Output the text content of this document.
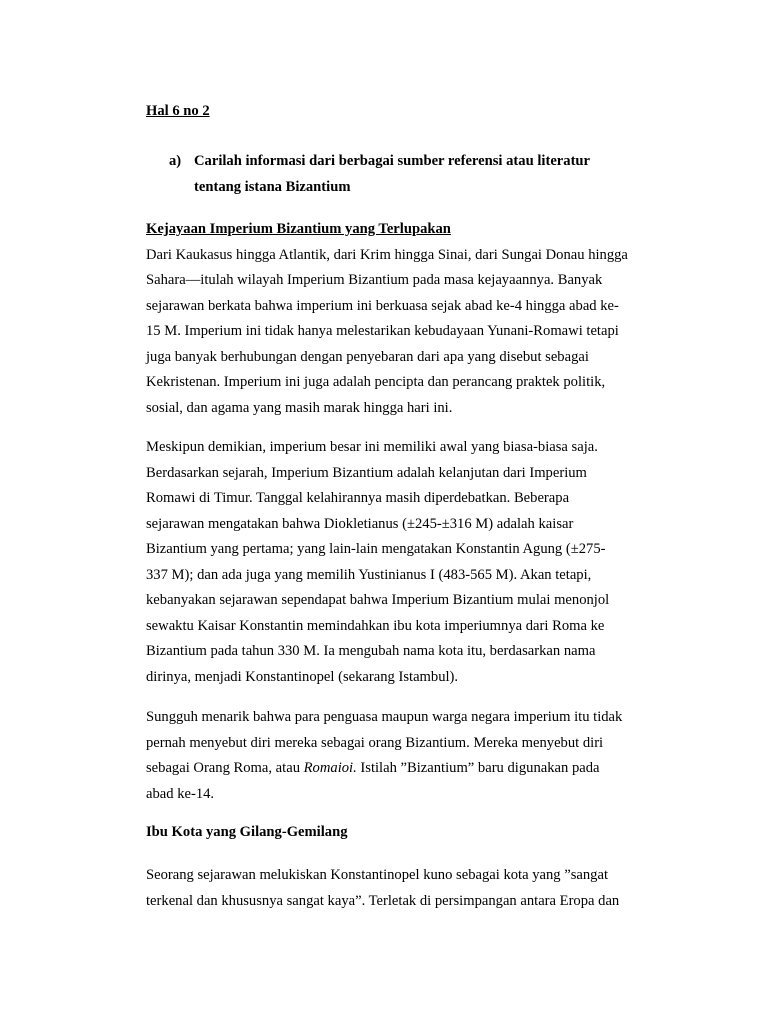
Hal 6 no 2

a) Carilah informasi dari berbagai sumber referensi atau literatur
tentang istana Bizantium
Kejayaan Imperium Bizantium yang Terlupakan

Dari Kaukasus hingga Atlantik, dari Krim hingga Sinai, dari Sungai Donau hingga
Sahara—itulah wilayah Imperium Bizantium pada masa kejayaannya. Banyak
sejarawan berkata bahwa imperium ini berkuasa sejak abad ke-4 hingga abad ke-
15 M. Imperium ini tidak hanya melestarikan kebudayaan Yunani-Romawi tetapi
juga banyak berhubungan dengan penyebaran dari apa yang disebut sebagai
Kekristenan. Imperium ini juga adalah pencipta dan perancang praktek politik,
sosial, dan agama yang masih marak hingga hari ini.

Meskipun demikian, imperium besar ini memiliki awal yang biasa-biasa saja.
Berdasarkan sejarah, Imperium Bizantium adalah kelanjutan dari Imperium
Romawi di Timur. Tanggal kelahirannya masih diperdebatkan. Beberapa
sejarawan mengatakan bahwa Diokletianus (±245-±316 M) adalah kaisar
Bizantium yang pertama; yang lain-lain mengatakan Konstantin Agung (±275-
337 M); dan ada juga yang memilih Yustinianus I (483-565 M). Akan tetapi,
kebanyakan sejarawan sependapat bahwa Imperium Bizantium mulai menonjol
sewaktu Kaisar Konstantin memindahkan ibu kota imperiumnya dari Roma ke
Bizantium pada tahun 330 M. Ia mengubah nama kota itu, berdasarkan nama
dirinya, menjadi Konstantinopel (sekarang Istambul).

Sungguh menarik bahwa para penguasa maupun warga negara imperium itu tidak
pernah menyebut diri mereka sebagai orang Bizantium. Mereka menyebut diri
sebagai Orang Roma, atau Romaioi. Istilah ”Bizantium” baru digunakan pada
abad ke-14.

Ibu Kota yang Gilang-Gemilang

Seorang sejarawan melukiskan Konstantinopel kuno sebagai kota yang ”sangat
terkenal dan khususnya sangat kaya”. Terletak di persimpangan antara Eropa dan
